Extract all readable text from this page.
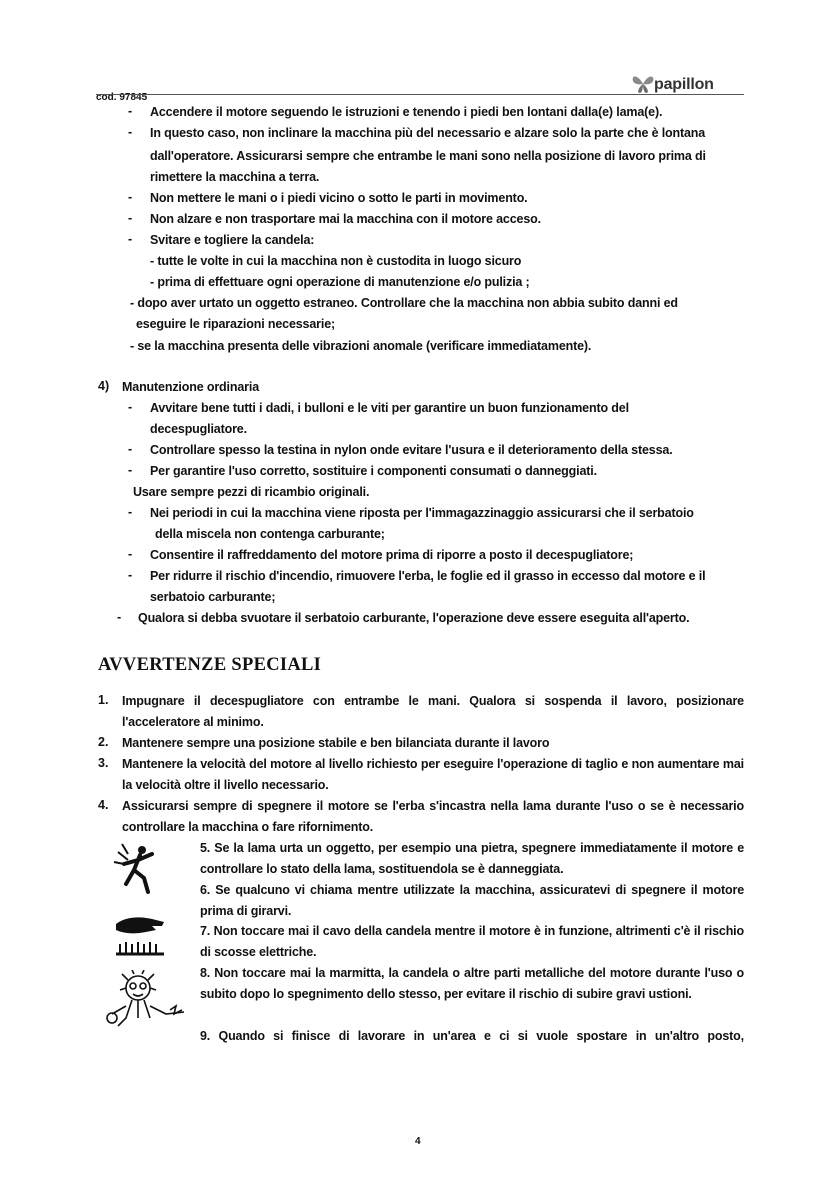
cod. 97845
papillon
- Accendere il motore seguendo le istruzioni e tenendo i piedi ben lontani dalla(e) lama(e).
- In questo caso, non inclinare la macchina più del necessario e alzare solo la parte che è lontana
dall'operatore. Assicurarsi sempre che entrambe le mani sono nella posizione di lavoro prima di
rimettere la macchina a terra.
- Non mettere le mani o i piedi vicino o sotto le parti in movimento.
- Non alzare e non trasportare mai la macchina con il motore acceso.
- Svitare e togliere la candela:
- tutte le volte in cui la macchina non è custodita in luogo sicuro
- prima di effettuare ogni operazione di manutenzione e/o pulizia ;
- dopo aver urtato un oggetto estraneo. Controllare che la macchina non abbia subito danni ed
eseguire le riparazioni necessarie;
- se la macchina presenta delle vibrazioni anomale (verificare immediatamente).
4) Manutenzione ordinaria
- Avvitare bene tutti i dadi, i bulloni e le viti per garantire un buon funzionamento del
decespugliatore.
- Controllare spesso la testina in nylon onde evitare l'usura e il deterioramento della stessa.
- Per garantire l'uso corretto, sostituire i componenti consumati o danneggiati.
Usare sempre pezzi di ricambio originali.
- Nei periodi in cui la macchina viene riposta per l'immagazzinaggio assicurarsi che il serbatoio
della miscela non contenga carburante;
- Consentire il raffreddamento del motore prima di riporre a posto il decespugliatore;
- Per ridurre il rischio d'incendio, rimuovere l'erba, le foglie ed il grasso in eccesso dal motore e il
serbatoio carburante;
- Qualora si debba svuotare il serbatoio carburante, l'operazione deve essere eseguita all'aperto.
AVVERTENZE SPECIALI
1. Impugnare il decespugliatore con entrambe le mani. Qualora si sospenda il lavoro, posizionare l'acceleratore al minimo.
2. Mantenere sempre una posizione stabile e ben bilanciata durante il lavoro
3. Mantenere la velocità del motore al livello richiesto per eseguire l'operazione di taglio e non aumentare mai la velocità oltre il livello necessario.
4. Assicurarsi sempre di spegnere il motore se l'erba s'incastra nella lama durante l'uso o se è necessario controllare la macchina o fare rifornimento.
5. Se la lama urta un oggetto, per esempio una pietra, spegnere immediatamente il motore e controllare lo stato della lama, sostituendola se è danneggiata.
6. Se qualcuno vi chiama mentre utilizzate la macchina, assicuratevi di spegnere il motore prima di girarvi.
7. Non toccare mai il cavo della candela mentre il motore è in funzione, altrimenti c'è il rischio di scosse elettriche.
8. Non toccare mai la marmitta, la candela o altre parti metalliche del motore durante l'uso o subito dopo lo spegnimento dello stesso, per evitare il rischio di subire gravi ustioni.
9. Quando si finisce di lavorare in un'area e ci si vuole spostare in un'altro posto,
4
